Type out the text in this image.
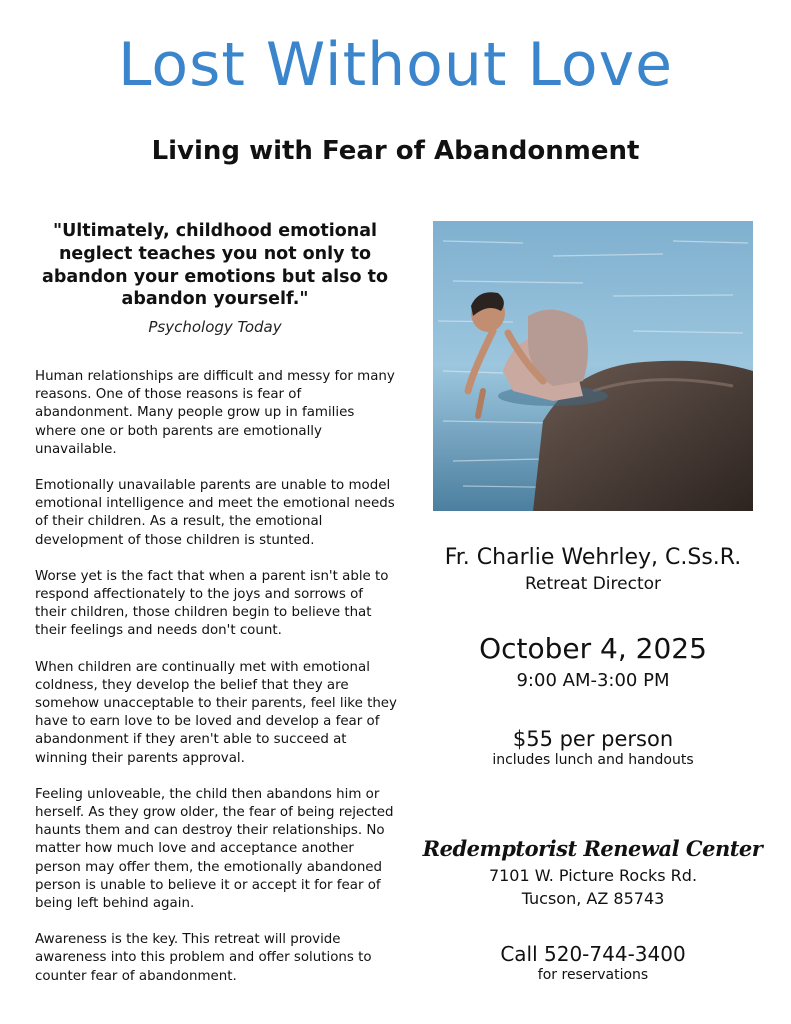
Lost Without Love
Living with Fear of Abandonment
"Ultimately, childhood emotional neglect teaches you not only to abandon your emotions but also to abandon yourself."
Psychology Today

Human relationships are difficult and messy for many reasons. One of those reasons is fear of abandonment. Many people grow up in families where one or both parents are emotionally unavailable.

Emotionally unavailable parents are unable to model emotional intelligence and meet the emotional needs of their children. As a result, the emotional development of those children is stunted.

Worse yet is the fact that when a parent isn't able to respond affectionately to the joys and sorrows of their children, those children begin to believe that their feelings and needs don't count.

When children are continually met with emotional coldness, they develop the belief that they are somehow unacceptable to their parents, feel like they have to earn love to be loved and develop a fear of abandonment if they aren't able to succeed at winning their parents approval.

Feeling unloveable, the child then abandons him or herself. As they grow older, the fear of being rejected haunts them and can destroy their relationships. No matter how much love and acceptance another person may offer them, the emotionally abandoned person is unable to believe it or accept it for fear of being left behind again.

Awareness is the key. This retreat will provide awareness into this problem and offer solutions to counter fear of abandonment.

Fr. Charlie Wehrley, C.Ss.R.
Retreat Director
October 4, 2025
9:00 AM-3:00 PM
$55 per person
includes lunch and handouts
Redemptorist Renewal Center
7101 W. Picture Rocks Rd.
Tucson, AZ 85743
Call 520-744-3400
for reservations
